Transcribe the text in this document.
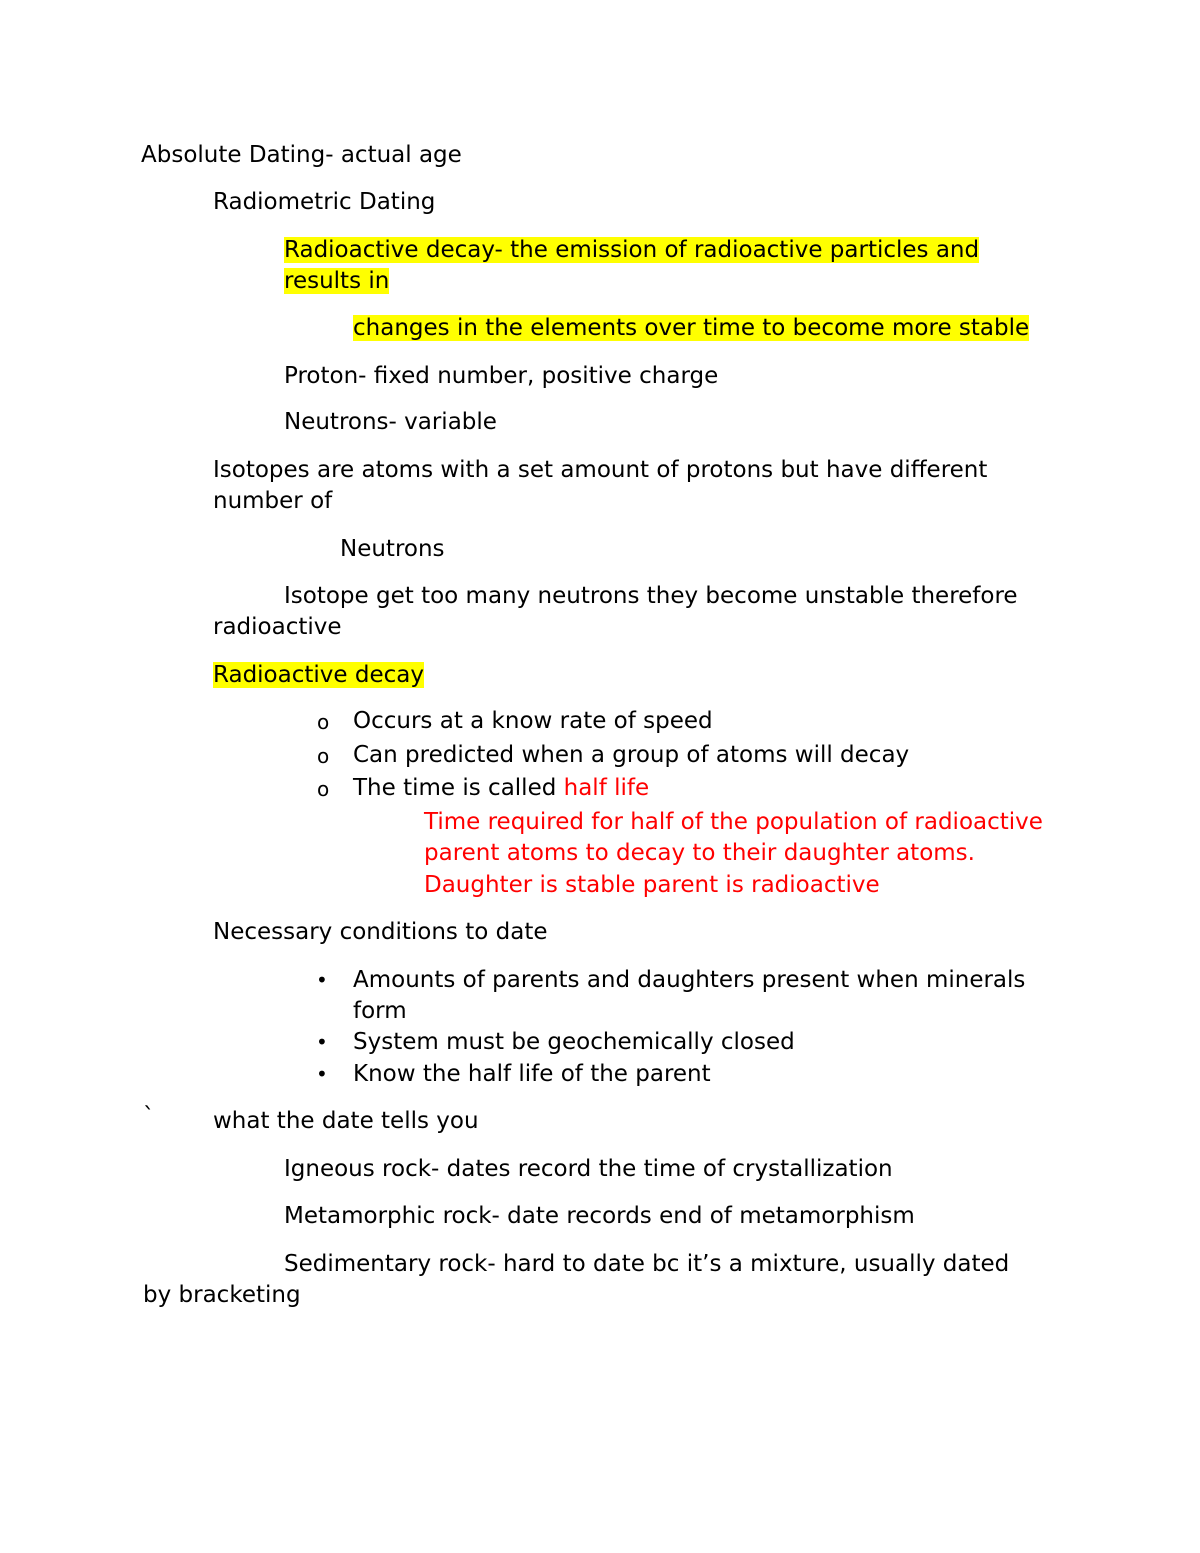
Absolute Dating- actual age
Radiometric Dating
Radioactive decay- the emission of radioactive particles and
results in
changes in the elements over time to become more stable
Proton- fixed number, positive charge
Neutrons- variable
Isotopes are atoms with a set amount of protons but have different
number of
Neutrons
Isotope get too many neutrons they become unstable therefore
radioactive
Radioactive decay
o Occurs at a know rate of speed
o Can predicted when a group of atoms will decay
o The time is called half life
Time required for half of the population of radioactive
parent atoms to decay to their daughter atoms.
Daughter is stable parent is radioactive
Necessary conditions to date
• Amounts of parents and daughters present when minerals
form
• System must be geochemically closed
• Know the half life of the parent
`	what the date tells you
Igneous rock- dates record the time of crystallization
Metamorphic rock- date records end of metamorphism
Sedimentary rock- hard to date bc it’s a mixture, usually dated
by bracketing
